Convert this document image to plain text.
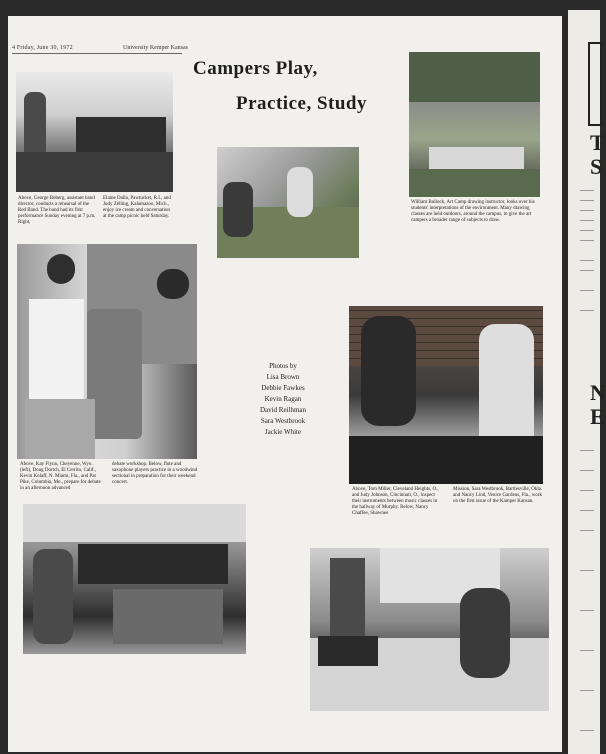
4 Friday, June 30, 1972	University Kemper Kansas
Campers Play,
Practice, Study
Above, George Boberg, assistant band director, conducts a rehearsal of the Red Band. The band had its first performance Sunday evening at 7 p.m. Right,
Elaine Dalla, Pawtucket, R.I., and Judy Zelling, Kalamazoo, Mich., enjoy ice cream and conversation at the camp picnic held Saturday.
William Bullock, Art Camp drawing instructor, looks over his students' interpretations of the environment. Many drawing classes are held outdoors, around the campus, to give the art campers a broader range of subjects to draw.
Above, Kay Flynn, Cheyenne, Wyo. (left), Doug Dortch, El Cerrito, Calif., Kevin Kolaff, N. Miami, Fla., and Pat Pike, Columbia, Mo., prepare for debate in an afternoon advanced
debate workshop. Below, flute and saxophone players practice in a woodwind sectional in preparation for their weekend concert.
Photos by
Lisa Brown
Debbie Fawkes
Kevin Ragan
David Reilhman
Sara Westbrook
Jackie White
Above, Tom Miller, Cleveland Heights, O., and Judy Johnson, Cincinnati, O., inspect their instruments between music classes in the hallway of Murphy. Below, Nancy Chaffee, Shawnee
Mission, Sara Westbrook, Bartlesville, Okla. and Nancy Lind, Venice Gardens, Fla., work on the first issue of the Kamper Kansan.
T
S
N
E
